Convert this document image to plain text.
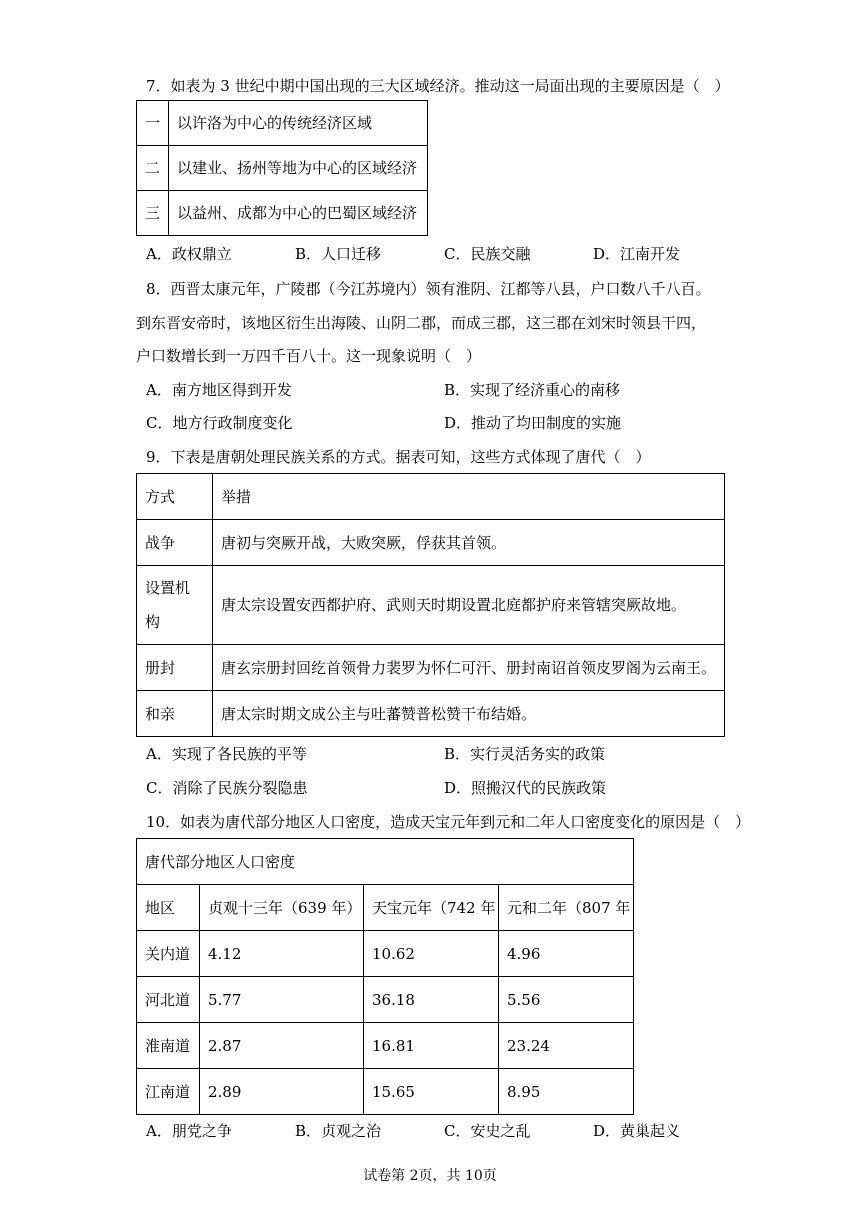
7．如表为 3 世纪中期中国出现的三大区域经济。推动这一局面出现的主要原因是（　）
一	以许洛为中心的传统经济区域
二	以建业、扬州等地为中心的区域经济
三	以益州、成都为中心的巴蜀区域经济
A．政权鼎立	B．人口迁移	C．民族交融	D．江南开发
8．西晋太康元年，广陵郡（今江苏境内）领有淮阴、江都等八县，户口数八千八百。
到东晋安帝时，该地区衍生出海陵、山阴二郡，而成三郡，这三郡在刘宋时领县干四，
户口数增长到一万四千百八十。这一现象说明（　）
A．南方地区得到开发	B．实现了经济重心的南移
C．地方行政制度变化	D．推动了均田制度的实施
9．下表是唐朝处理民族关系的方式。据表可知，这些方式体现了唐代（　）
方式	举措
战争	唐初与突厥开战，大败突厥，俘获其首领。
设置机构	唐太宗设置安西都护府、武则天时期设置北庭都护府来管辖突厥故地。
册封	唐玄宗册封回纥首领骨力裴罗为怀仁可汗、册封南诏首领皮罗阁为云南王。
和亲	唐太宗时期文成公主与吐蕃赞普松赞干布结婚。
A．实现了各民族的平等	B．实行灵活务实的政策
C．消除了民族分裂隐患	D．照搬汉代的民族政策
10．如表为唐代部分地区人口密度，造成天宝元年到元和二年人口密度变化的原因是（　）
唐代部分地区人口密度			
地区	贞观十三年（639 年）	天宝元年（742 年	元和二年（807 年
关内道	4.12	10.62	4.96
河北道	5.77	36.18	5.56
淮南道	2.87	16.81	23.24
江南道	2.89	15.65	8.95
A．朋党之争	B．贞观之治	C．安史之乱	D．黄巢起义
试卷第 2页，共 10页
